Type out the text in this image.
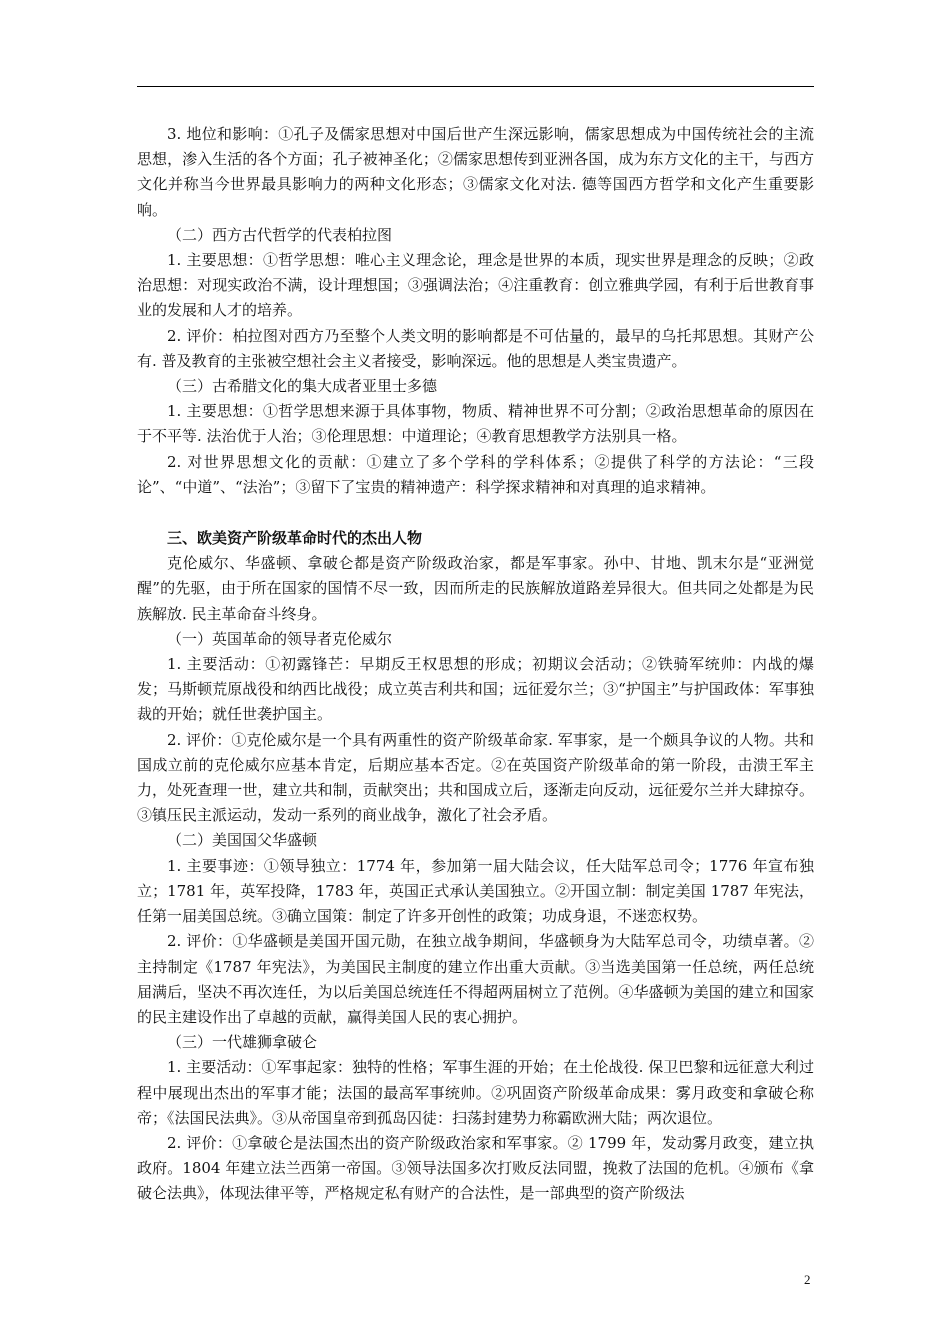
3. 地位和影响：①孔子及儒家思想对中国后世产生深远影响，儒家思想成为中国传统社会的主流思想，渗入生活的各个方面；孔子被神圣化；②儒家思想传到亚洲各国，成为东方文化的主干，与西方文化并称当今世界最具影响力的两种文化形态；③儒家文化对法. 德等国西方哲学和文化产生重要影响。

（二）西方古代哲学的代表柏拉图

1. 主要思想：①哲学思想：唯心主义理念论，理念是世界的本质，现实世界是理念的反映；②政治思想：对现实政治不满，设计理想国；③强调法治；④注重教育：创立雅典学园，有利于后世教育事业的发展和人才的培养。

2. 评价：柏拉图对西方乃至整个人类文明的影响都是不可估量的，最早的乌托邦思想。其财产公有. 普及教育的主张被空想社会主义者接受，影响深远。他的思想是人类宝贵遗产。

（三）古希腊文化的集大成者亚里士多德

1. 主要思想：①哲学思想来源于具体事物，物质、精神世界不可分割；②政治思想革命的原因在于不平等. 法治优于人治；③伦理思想：中道理论；④教育思想教学方法别具一格。

2. 对世界思想文化的贡献：①建立了多个学科的学科体系；②提供了科学的方法论：“三段论”、“中道”、“法治”；③留下了宝贵的精神遗产：科学探求精神和对真理的追求精神。

三、欧美资产阶级革命时代的杰出人物

克伦威尔、华盛顿、拿破仑都是资产阶级政治家，都是军事家。孙中、甘地、凯末尔是“亚洲觉醒”的先驱，由于所在国家的国情不尽一致，因而所走的民族解放道路差异很大。但共同之处都是为民族解放. 民主革命奋斗终身。

（一）英国革命的领导者克伦威尔

1. 主要活动：①初露锋芒：早期反王权思想的形成；初期议会活动；②铁骑军统帅：内战的爆发；马斯顿荒原战役和纳西比战役；成立英吉利共和国；远征爱尔兰；③“护国主”与护国政体：军事独裁的开始；就任世袭护国主。

2. 评价：①克伦威尔是一个具有两重性的资产阶级革命家. 军事家，是一个颇具争议的人物。共和国成立前的克伦威尔应基本肯定，后期应基本否定。②在英国资产阶级革命的第一阶段，击溃王军主力，处死查理一世，建立共和制，贡献突出；共和国成立后，逐渐走向反动，远征爱尔兰并大肆掠夺。③镇压民主派运动，发动一系列的商业战争，激化了社会矛盾。

（二）美国国父华盛顿

1. 主要事迹：①领导独立：1774 年，参加第一届大陆会议，任大陆军总司令；1776 年宣布独立；1781 年，英军投降，1783 年，英国正式承认美国独立。②开国立制：制定美国 1787 年宪法，任第一届美国总统。③确立国策：制定了许多开创性的政策；功成身退，不迷恋权势。

2. 评价：①华盛顿是美国开国元勋，在独立战争期间，华盛顿身为大陆军总司令，功绩卓著。②主持制定《1787 年宪法》，为美国民主制度的建立作出重大贡献。③当选美国第一任总统，两任总统届满后，坚决不再次连任，为以后美国总统连任不得超两届树立了范例。④华盛顿为美国的建立和国家的民主建设作出了卓越的贡献，赢得美国人民的衷心拥护。

（三）一代雄狮拿破仑

1. 主要活动：①军事起家：独特的性格；军事生涯的开始；在土伦战役. 保卫巴黎和远征意大利过程中展现出杰出的军事才能；法国的最高军事统帅。②巩固资产阶级革命成果：雾月政变和拿破仑称帝；《法国民法典》。③从帝国皇帝到孤岛囚徒：扫荡封建势力称霸欧洲大陆；两次退位。

2. 评价：①拿破仑是法国杰出的资产阶级政治家和军事家。② 1799 年，发动雾月政变，建立执政府。1804 年建立法兰西第一帝国。③领导法国多次打败反法同盟，挽救了法国的危机。④颁布《拿破仑法典》，体现法律平等，严格规定私有财产的合法性，是一部典型的资产阶级法

2
